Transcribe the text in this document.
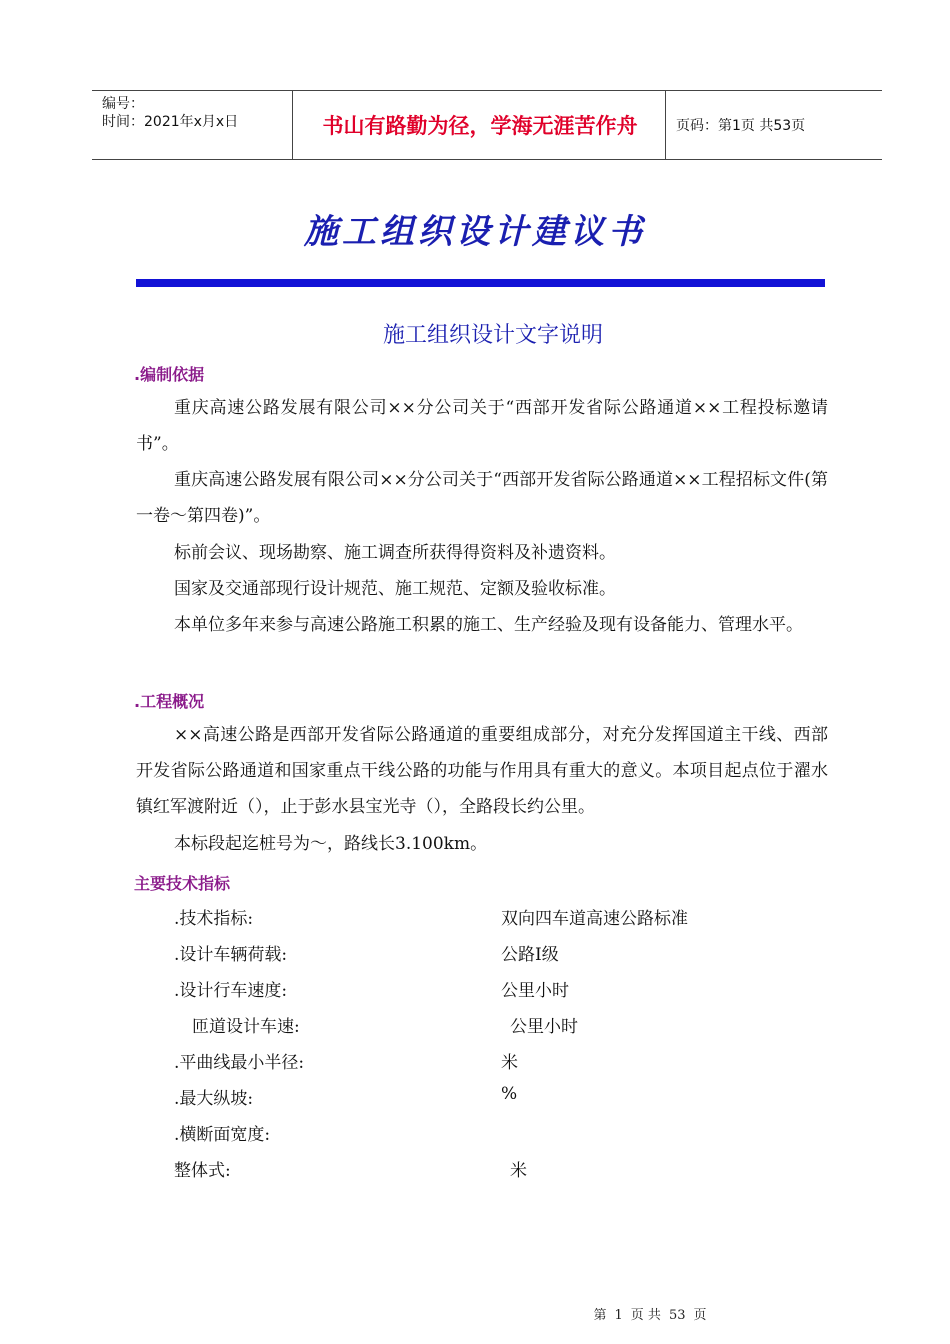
编号：
时间：2021年x月x日	书山有路勤为径，学海无涯苦作舟	页码：第1页 共53页
施工组织设计建议书
施工组织设计文字说明
.编制依据
重庆高速公路发展有限公司××分公司关于“西部开发省际公路通道××工程投标邀请书”。
重庆高速公路发展有限公司××分公司关于“西部开发省际公路通道××工程招标文件(第一卷～第四卷)”。
标前会议、现场勘察、施工调查所获得得资料及补遗资料。
国家及交通部现行设计规范、施工规范、定额及验收标准。
本单位多年来参与高速公路施工积累的施工、生产经验及现有设备能力、管理水平。
.工程概况
××高速公路是西部开发省际公路通道的重要组成部分，对充分发挥国道主干线、西部开发省际公路通道和国家重点干线公路的功能与作用具有重大的意义。本项目起点位于濯水镇红军渡附近（），止于彭水县宝光寺（），全路段长约公里。
本标段起迄桩号为～，路线长3.100km。
主要技术指标
.技术指标:	双向四车道高速公路标准
.设计车辆荷载:	公路Ⅰ级
.设计行车速度:	公里小时
匝道设计车速:	公里小时
.平曲线最小半径:	米
.最大纵坡:	%
.横断面宽度:
整体式:	米
第 1 页 共 53 页
